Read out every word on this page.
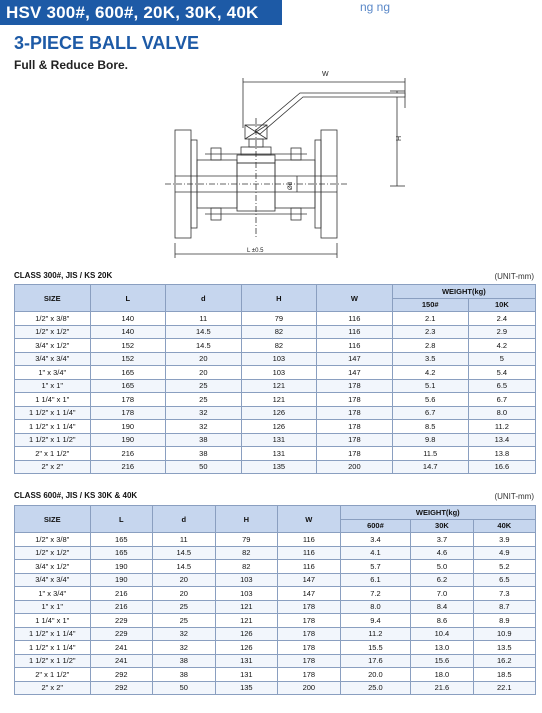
HSV 300#, 600#, 20K, 30K, 40K	ng ng
3-PIECE BALL VALVE
Full & Reduce Bore.
W
H
Ød
L ±0.5
CLASS 300#, JIS / KS 20K	(UNIT-mm)
SIZE	L	d	H	W	WEIGHT(kg)	
					150#	10K
1/2" x 3/8"	140	11	79	116	2.1	2.4
1/2" x 1/2"	140	14.5	82	116	2.3	2.9
3/4" x 1/2"	152	14.5	82	116	2.8	4.2
3/4" x 3/4"	152	20	103	147	3.5	5
1" x 3/4"	165	20	103	147	4.2	5.4
1" x 1"	165	25	121	178	5.1	6.5
1 1/4" x 1"	178	25	121	178	5.6	6.7
1 1/2" x 1 1/4"	178	32	126	178	6.7	8.0
1 1/2" x 1 1/4"	190	32	126	178	8.5	11.2
1 1/2" x 1 1/2"	190	38	131	178	9.8	13.4
2" x 1 1/2"	216	38	131	178	11.5	13.8
2" x 2"	216	50	135	200	14.7	16.6
CLASS 600#, JIS / KS 30K & 40K	(UNIT-mm)
SIZE	L	d	H	W	WEIGHT(kg)		
					600#	30K	40K
1/2" x 3/8"	165	11	79	116	3.4	3.7	3.9
1/2" x 1/2"	165	14.5	82	116	4.1	4.6	4.9
3/4" x 1/2"	190	14.5	82	116	5.7	5.0	5.2
3/4" x 3/4"	190	20	103	147	6.1	6.2	6.5
1" x 3/4"	216	20	103	147	7.2	7.0	7.3
1" x 1"	216	25	121	178	8.0	8.4	8.7
1 1/4" x 1"	229	25	121	178	9.4	8.6	8.9
1 1/2" x 1 1/4"	229	32	126	178	11.2	10.4	10.9
1 1/2" x 1 1/4"	241	32	126	178	15.5	13.0	13.5
1 1/2" x 1 1/2"	241	38	131	178	17.6	15.6	16.2
2" x 1 1/2"	292	38	131	178	20.0	18.0	18.5
2" x 2"	292	50	135	200	25.0	21.6	22.1
